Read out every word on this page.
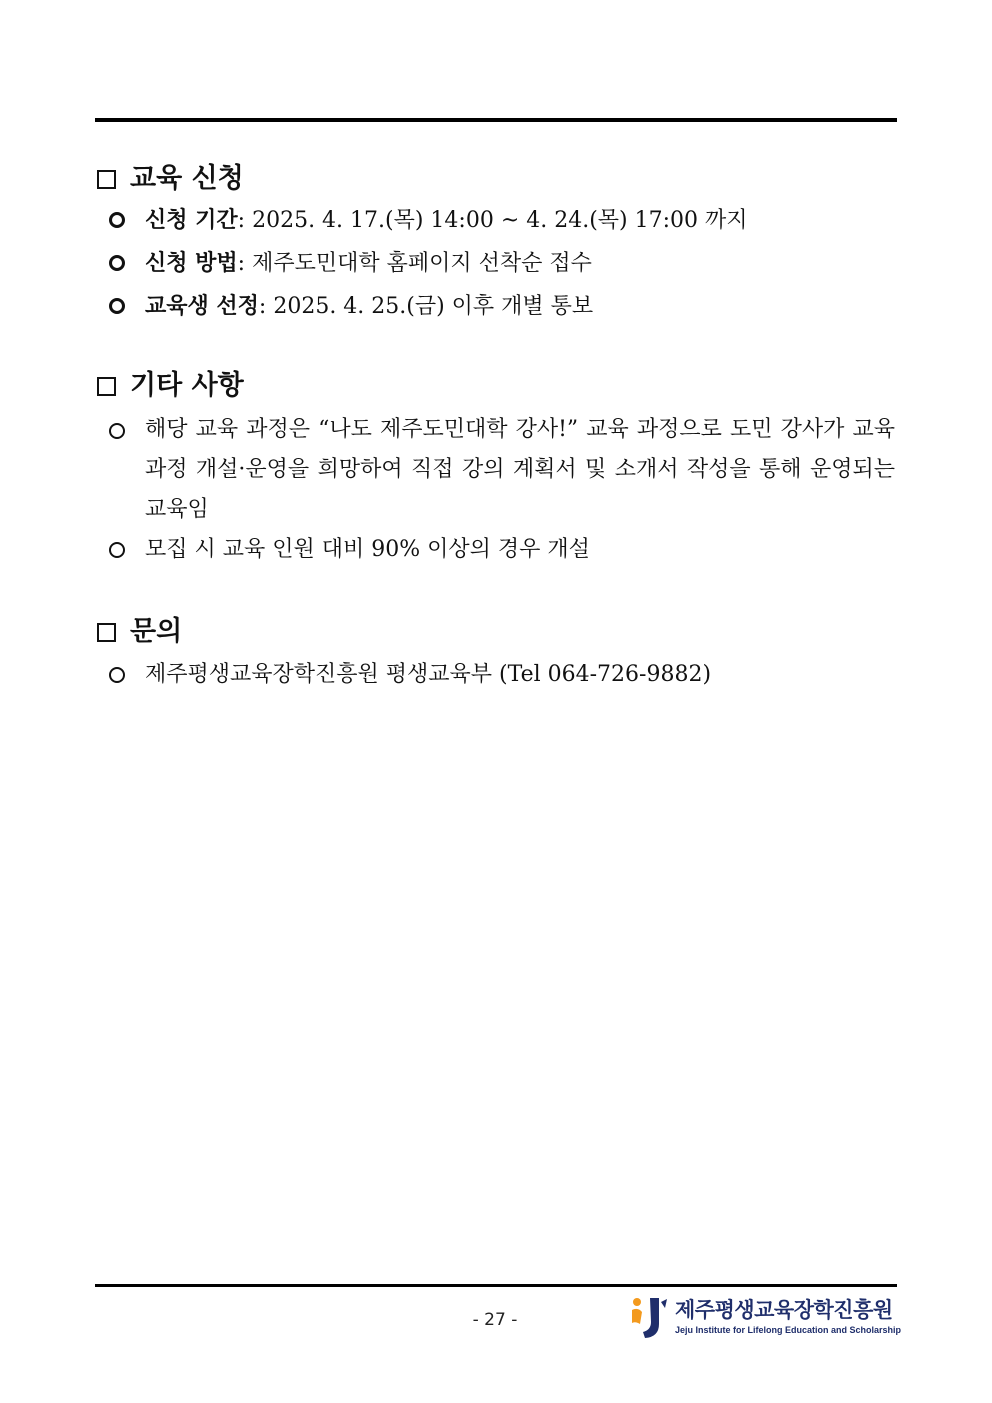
교육 신청

신청 기간: 2025. 4. 17.(목) 14:00 ~ 4. 24.(목) 17:00 까지

신청 방법: 제주도민대학 홈페이지 선착순 접수

교육생 선정: 2025. 4. 25.(금) 이후 개별 통보

기타 사항

해당 교육 과정은 “나도 제주도민대학 강사!” 교육 과정으로 도민 강사가 교육과정 개설·운영을 희망하여 직접 강의 계획서 및 소개서 작성을 통해 운영되는 교육임

모집 시 교육 인원 대비 90% 이상의 경우 개설

문의

제주평생교육장학진흥원 평생교육부 (Tel 064-726-9882)

- 27 -	제주평생교육장학진흥원
Jeju Institute for Lifelong Education and Scholarship
